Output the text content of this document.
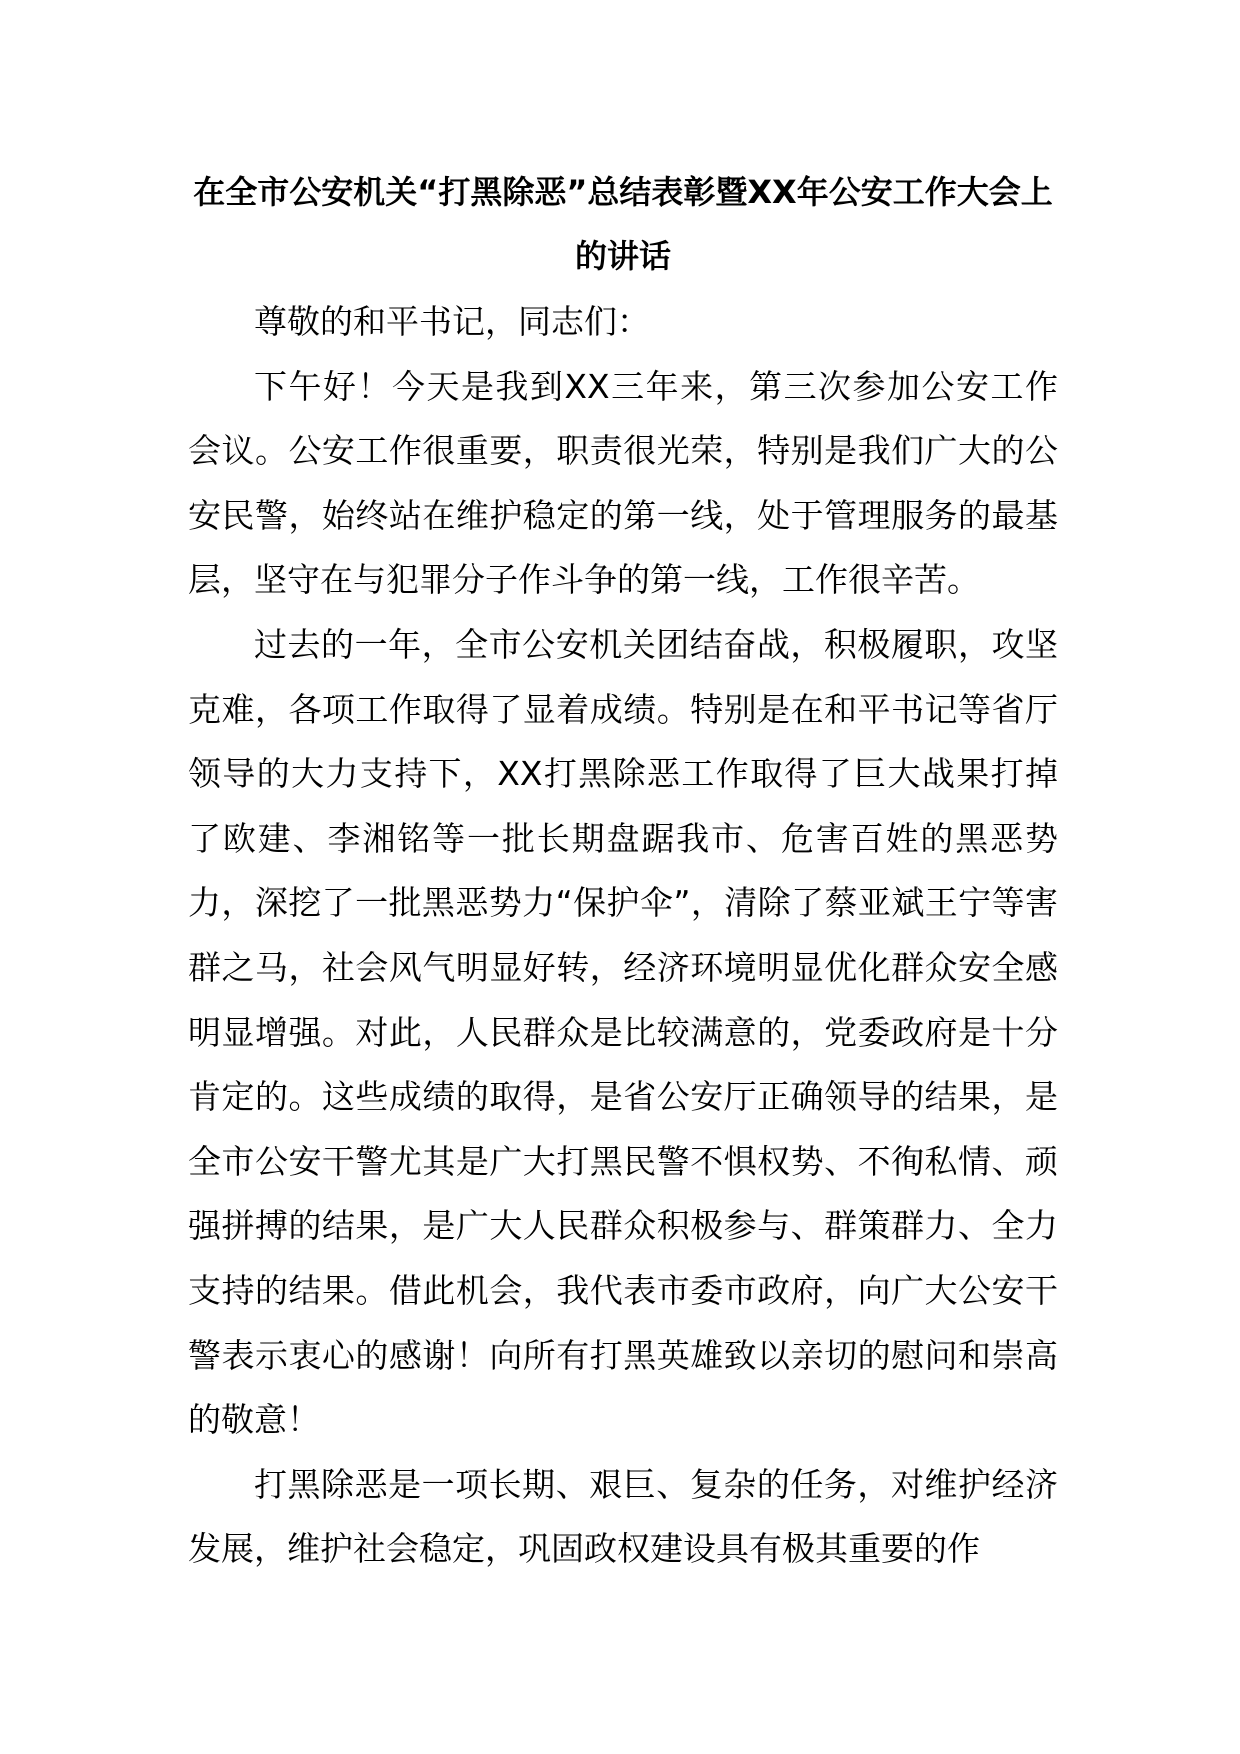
在全市公安机关“打黑除恶”总结表彰暨XX年公安工作大会上的讲话

尊敬的和平书记，同志们：

下午好！今天是我到XX三年来，第三次参加公安工作会议。公安工作很重要，职责很光荣，特别是我们广大的公安民警，始终站在维护稳定的第一线，处于管理服务的最基层，坚守在与犯罪分子作斗争的第一线，工作很辛苦。

过去的一年，全市公安机关团结奋战，积极履职，攻坚克难，各项工作取得了显着成绩。特别是在和平书记等省厅领导的大力支持下，XX打黑除恶工作取得了巨大战果打掉了欧建、李湘铭等一批长期盘踞我市、危害百姓的黑恶势力，深挖了一批黑恶势力“保护伞”，清除了蔡亚斌王宁等害群之马，社会风气明显好转，经济环境明显优化群众安全感明显增强。对此，人民群众是比较满意的，党委政府是十分肯定的。这些成绩的取得，是省公安厅正确领导的结果，是全市公安干警尤其是广大打黑民警不惧权势、不徇私情、顽强拼搏的结果，是广大人民群众积极参与、群策群力、全力支持的结果。借此机会，我代表市委市政府，向广大公安干警表示衷心的感谢！向所有打黑英雄致以亲切的慰问和崇高的敬意！

打黑除恶是一项长期、艰巨、复杂的任务，对维护经济发展，维护社会稳定，巩固政权建设具有极其重要的作
